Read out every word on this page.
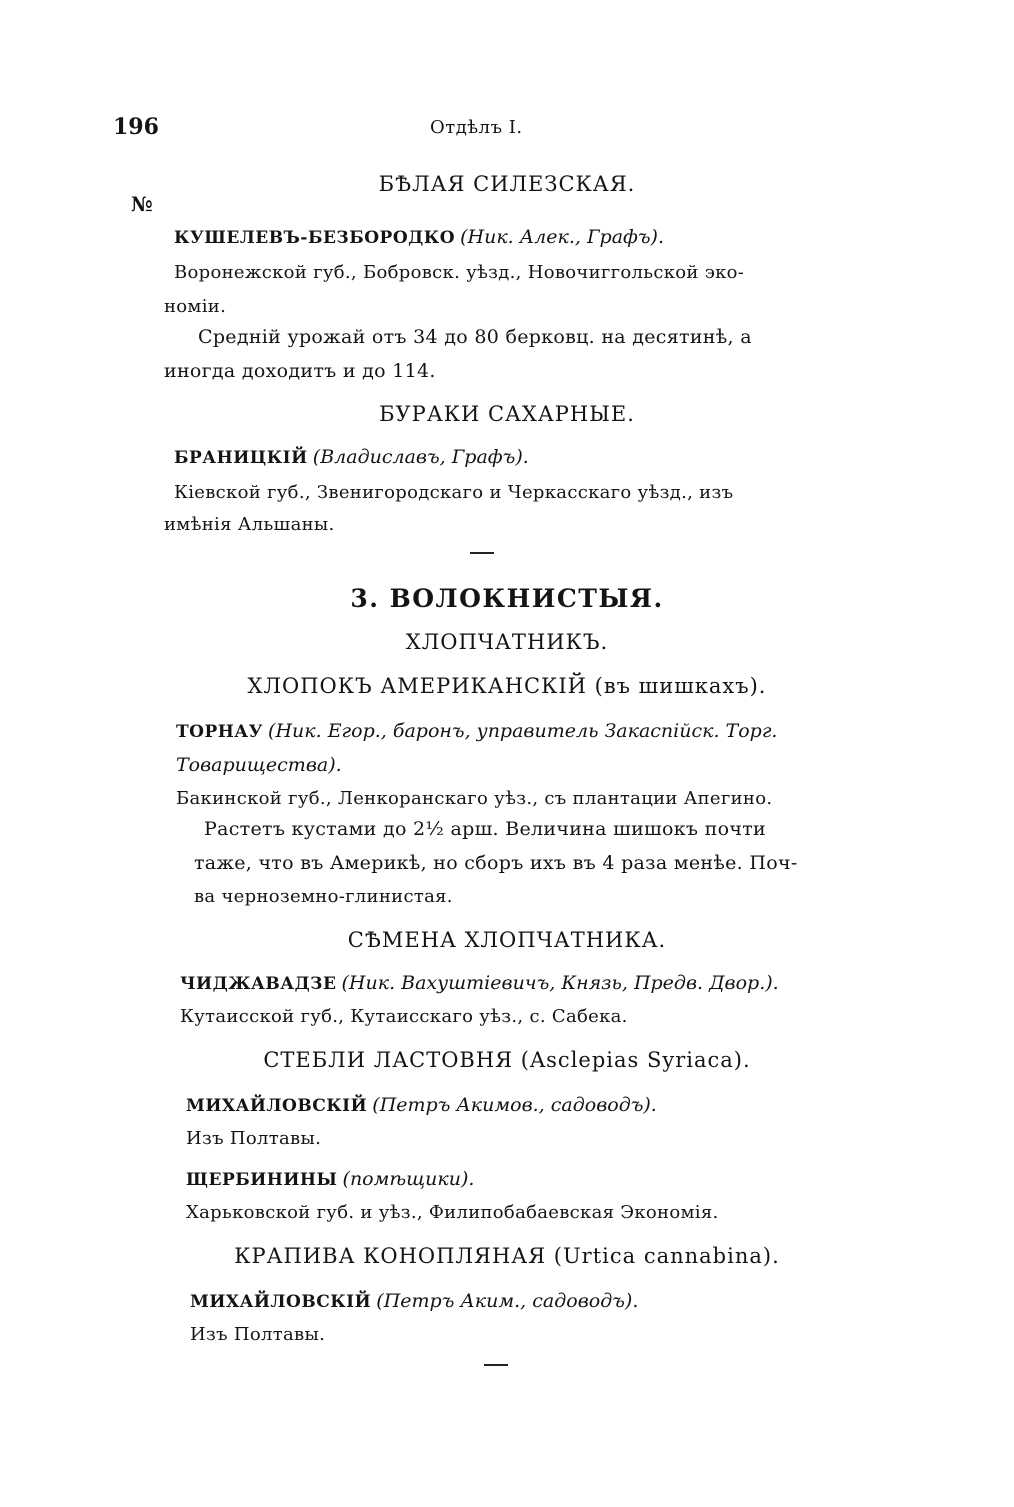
196	Отдѣлъ I.
БѢЛАЯ СИЛЕЗСКАЯ.
№
КУШЕЛЕВЪ-БЕЗБОРОДКО (Ник. Алек., Графъ).
Воронежской губ., Бобровск. уѣзд., Новочиггольской эко-
номіи.
Среднiй урожай отъ 34 до 80 берковц. на десятинѣ, а
иногда доходитъ и до 114.
БУРАКИ САХАРНЫЕ.
БРАНИЦКIЙ (Владиславъ, Графъ).
Кіевской губ., Звенигородскаго и Черкасскаго уѣзд., изъ
имѣнія Альшаны.
3. ВОЛОКНИСТЫЯ.
ХЛОПЧАТНИКЪ.
ХЛОПОКЪ АМЕРИКАНСКIЙ (въ шишкахъ).
ТОРНАУ (Ник. Егор., баронъ, управитель Закаспiйск. Торг.
Товарищества).
Бакинской губ., Ленкоранскаго уѣз., съ плантации Апегино.
Растетъ кустами до 2½ арш. Величина шишокъ почти
таже, что въ Америкѣ, но сборъ ихъ въ 4 раза менѣе. Поч-
ва черноземно-глинистая.
СѢМЕНА ХЛОПЧАТНИКА.
ЧИДЖАВАДЗЕ (Ник. Вахуштiевичъ, Князь, Предв. Двор.).
Кутаисской губ., Кутаисскаго уѣз., с. Сабека.
СТЕБЛИ ЛАСТОВНЯ (Asclepias Syriaca).
МИХАЙЛОВСКIЙ (Петръ Акимов., садоводъ).
Изъ Полтавы.
ЩЕРБИНИНЫ (помѣщики).
Харьковской губ. и уѣз., Филипобабаевская Экономiя.
КРАПИВА КОНОПЛЯНАЯ (Urtica cannabina).
МИХАЙЛОВСКIЙ (Петръ Аким., садоводъ).
Изъ Полтавы.
